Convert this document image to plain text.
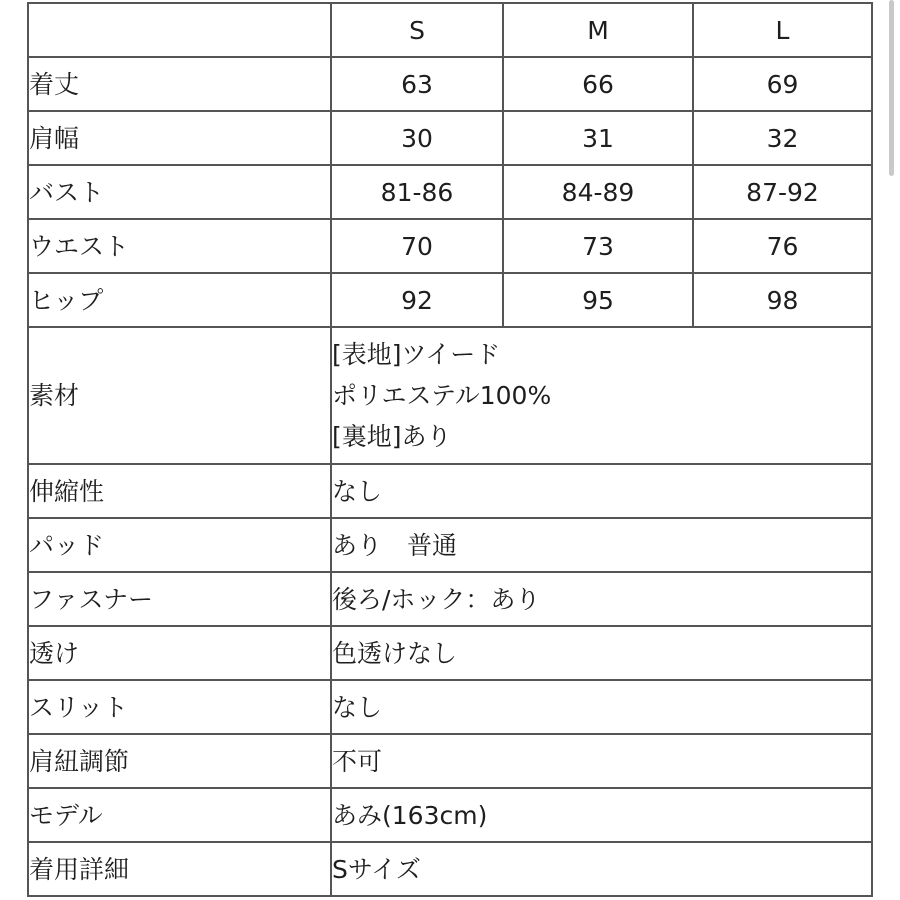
	S	M	L
着丈	63	66	69
肩幅	30	31	32
バスト	81-86	84-89	87-92
ウエスト	70	73	76
ヒップ	92	95	98
素材	[表地]ツイード
ポリエステル100%
[裏地]あり		

伸縮性	なし		
パッド	あり　普通		
ファスナー	後ろ/ホック：あり		
透け	色透けなし		
スリット	なし		
肩紐調節	不可		
モデル	あみ(163cm)		
着用詳細	Sサイズ		
